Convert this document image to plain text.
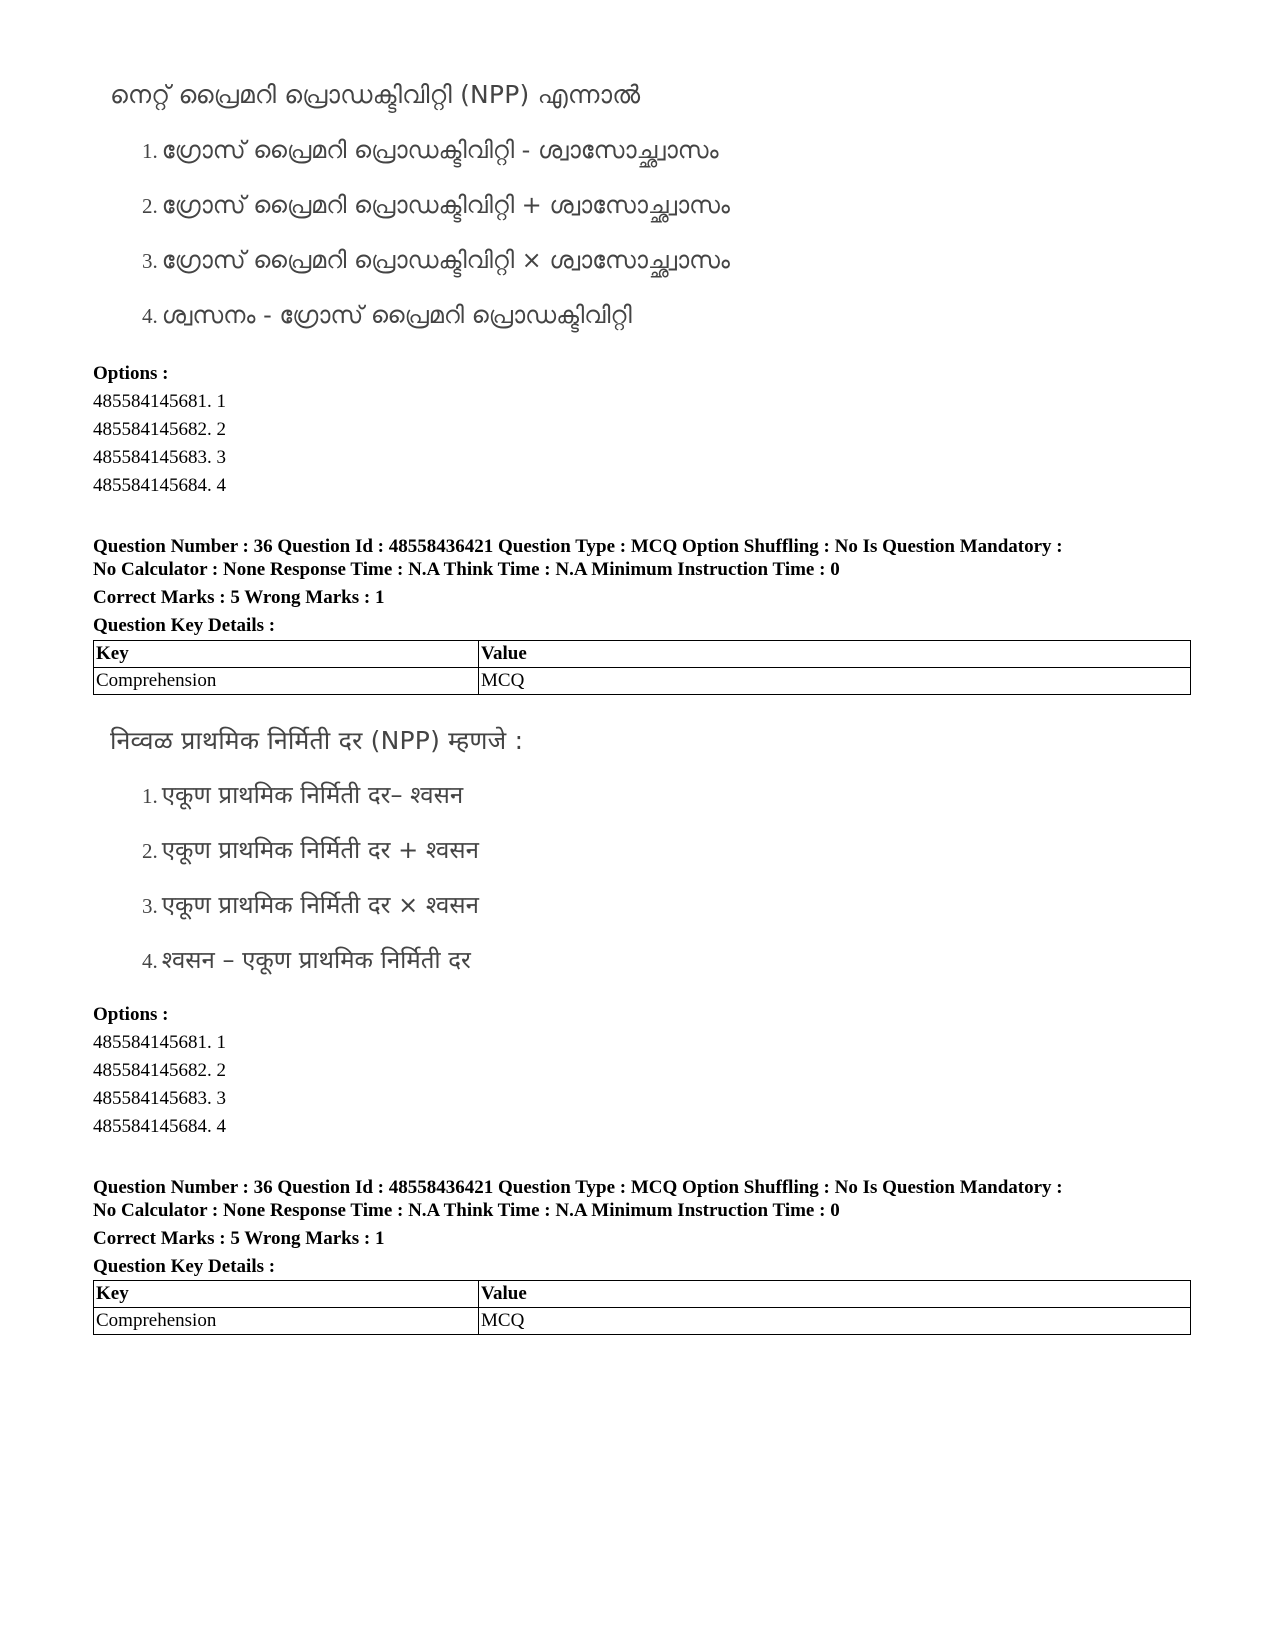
നെറ്റ് പ്രൈമറി പ്രൊഡക്ടിവിറ്റി (NPP) എന്നാൽ
1. ഗ്രോസ് പ്രൈമറി പ്രൊഡക്ടിവിറ്റി - ശ്വാസോച്ഛ്വാസം
2. ഗ്രോസ് പ്രൈമറി പ്രൊഡക്ടിവിറ്റി + ശ്വാസോച്ഛ്വാസം
3. ഗ്രോസ് പ്രൈമറി പ്രൊഡക്ടിവിറ്റി × ശ്വാസോച്ഛ്വാസം
4. ശ്വസനം - ഗ്രോസ് പ്രൈമറി പ്രൊഡക്ടിവിറ്റി
Options :
485584145681. 1
485584145682. 2
485584145683. 3
485584145684. 4
Question Number : 36 Question Id : 48558436421 Question Type : MCQ Option Shuffling : No Is Question Mandatory :
No Calculator : None Response Time : N.A Think Time : N.A Minimum Instruction Time : 0
Correct Marks : 5 Wrong Marks : 1
Question Key Details :
Key	Value
Comprehension	MCQ
निव्वळ प्राथमिक निर्मिती दर (NPP) म्हणजे :
1. एकूण प्राथमिक निर्मिती दर– श्वसन
2. एकूण प्राथमिक निर्मिती दर + श्वसन
3. एकूण प्राथमिक निर्मिती दर × श्वसन
4. श्वसन – एकूण प्राथमिक निर्मिती दर
Options :
485584145681. 1
485584145682. 2
485584145683. 3
485584145684. 4
Question Number : 36 Question Id : 48558436421 Question Type : MCQ Option Shuffling : No Is Question Mandatory :
No Calculator : None Response Time : N.A Think Time : N.A Minimum Instruction Time : 0
Correct Marks : 5 Wrong Marks : 1
Question Key Details :
Key	Value
Comprehension	MCQ
